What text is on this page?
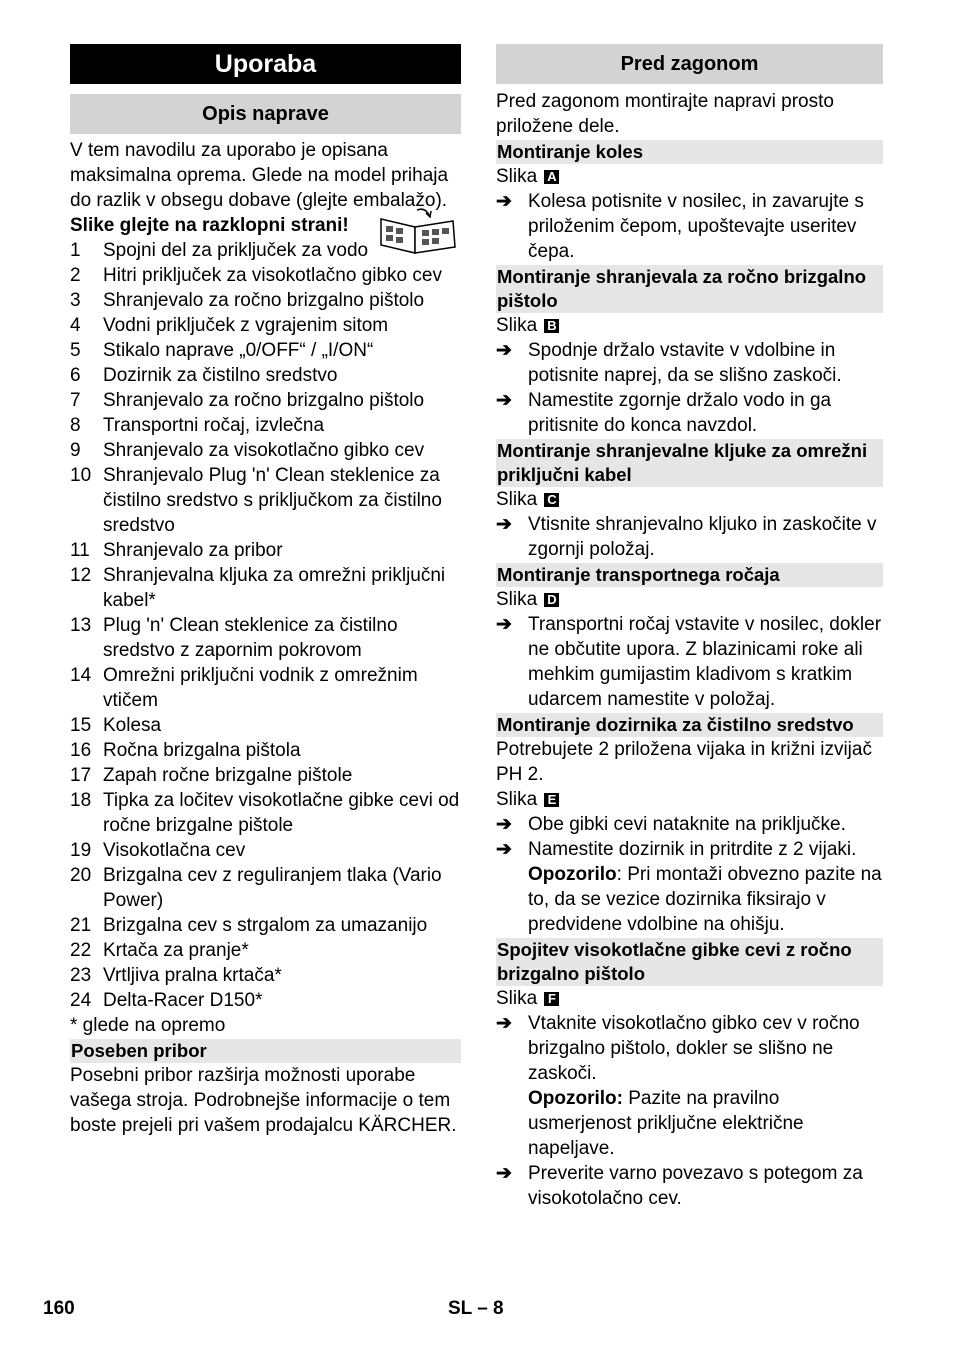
Uporaba
Opis naprave

V tem navodilu za uporabo je opisana maksimalna oprema. Glede na model prihaja do razlik v obsegu dobave (glejte embalažo).

Slike glejte na razklopni strani!

1	Spojni del za priključek za vodo
2	Hitri priključek za visokotlačno gibko cev
3	Shranjevalo za ročno brizgalno pištolo
4	Vodni priključek z vgrajenim sitom
5	Stikalo naprave „0/OFF“ / „I/ON“
6	Dozirnik za čistilno sredstvo
7	Shranjevalo za ročno brizgalno pištolo
8	Transportni ročaj, izvlečna
9	Shranjevalo za visokotlačno gibko cev
10 Shranjevalo Plug 'n' Clean steklenice za čistilno sredstvo s priključkom za čistilno sredstvo
11 Shranjevalo za pribor
12 Shranjevalna kljuka za omrežni priključni kabel*
13 Plug 'n' Clean steklenice za čistilno sredstvo z zapornim pokrovom
14 Omrežni priključni vodnik z omrežnim vtičem
15 Kolesa
16 Ročna brizgalna pištola
17 Zapah ročne brizgalne pištole
18 Tipka za ločitev visokotlačne gibke cevi od ročne brizgalne pištole
19 Visokotlačna cev
20 Brizgalna cev z reguliranjem tlaka (Vario Power)
21 Brizgalna cev s strgalom za umazanijo
22 Krtača za pranje*
23 Vrtljiva pralna krtača*
24 Delta-Racer D150*

* glede na opremo

Poseben pribor

Posebni pribor razširja možnosti uporabe vašega stroja. Podrobnejše informacije o tem boste prejeli pri vašem prodajalcu KÄRCHER.

Pred zagonom

Pred zagonom montirajte napravi prosto priložene dele.

Montiranje koles

Slika A

➔ Kolesa potisnite v nosilec, in zavarujte s priloženim čepom, upoštevajte useritev čepa.
Montiranje shranjevala za ročno brizgalno pištolo

Slika B

➔ Spodnje držalo vstavite v vdolbine in potisnite naprej, da se slišno zaskoči.
➔ Namestite zgornje držalo vodo in ga pritisnite do konca navzdol.
Montiranje shranjevalne kljuke za omrežni priključni kabel

Slika C

➔ Vtisnite shranjevalno kljuko in zaskočite v zgornji položaj.
Montiranje transportnega ročaja

Slika D

➔ Transportni ročaj vstavite v nosilec, dokler ne občutite upora. Z blazinicami roke ali mehkim gumijastim kladivom s kratkim udarcem namestite v položaj.
Montiranje dozirnika za čistilno sredstvo

Potrebujete 2 priložena vijaka in križni izvijač PH 2.

Slika E

➔ Obe gibki cevi nataknite na priključke.
➔ Namestite dozirnik in pritrdite z 2 vijaki.
Opozorilo: Pri montaži obvezno pazite na to, da se vezice dozirnika fiksirajo v predvidene vdolbine na ohišju.
Spojitev visokotlačne gibke cevi z ročno brizgalno pištolo

Slika F

➔ Vtaknite visokotlačno gibko cev v ročno brizgalno pištolo, dokler se slišno ne zaskoči.
Opozorilo: Pazite na pravilno usmerjenost priključne električne napeljave.
➔ Preverite varno povezavo s potegom za visokotolačno cev.
160	SL – 8
